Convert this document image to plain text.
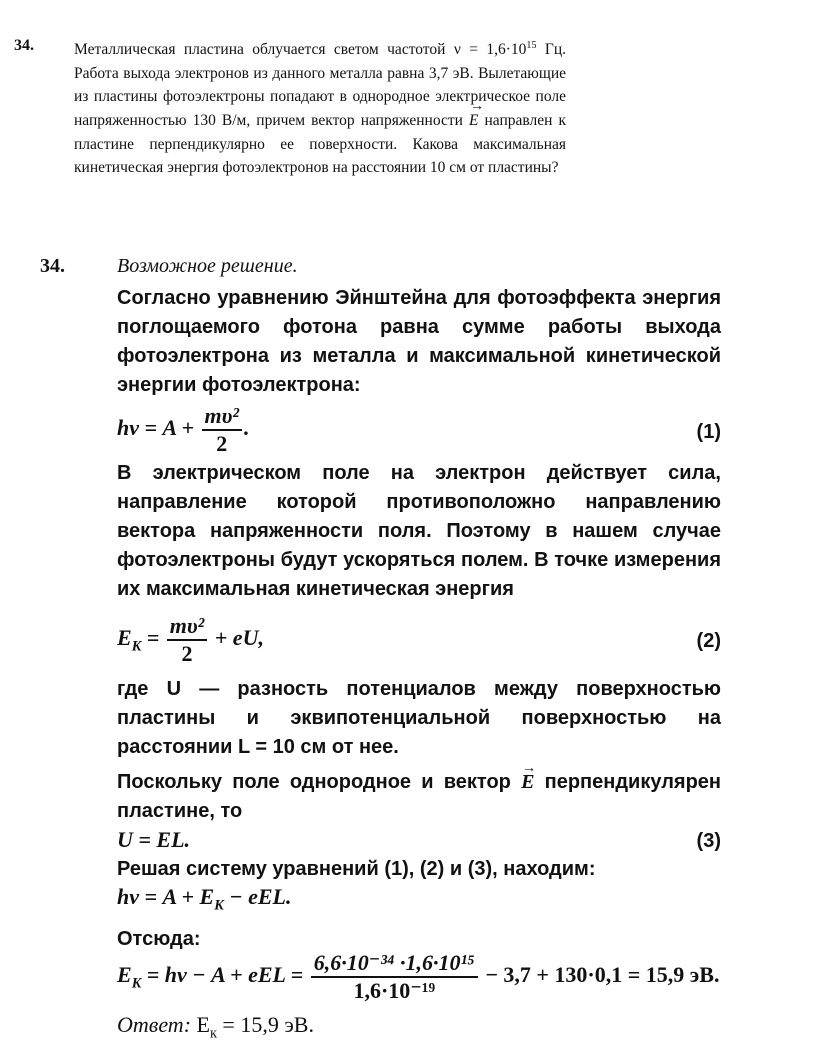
34.	Металлическая пластина облучается светом частотой $\nu = 1,6\cdot 10^{15}$ Гц. Работа выхода электронов из данного металла равна 3,7 эВ. Вылетающие из пластины фотоэлектроны попадают в однородное электрическое поле напряженностью 130 В/м, причем вектор напряженности → E направлен к пластине перпендикулярно ее поверхности. Какова максимальная кинетическая энергия фотоэлектронов на расстоянии 10 см от пластины?
34.	Возможное решение.
Согласно уравнению Эйнштейна для фотоэффекта энергия поглощаемого фотона равна сумме работы выхода фотоэлектрона из металла и максимальной кинетической энергии фотоэлектрона:
$h\nu = A + \frac{\text{mυ²}}{2}$ .	(1)
В электрическом поле на электрон действует сила, направление которой противоположно направлению вектора напряженности поля. Поэтому в нашем случае фотоэлектроны будут ускоряться полем. В точке измерения их максимальная кинетическая энергия
$E_K = \frac{\text{mυ²}}{2}$ + eU,	(2)
где U — разность потенциалов между поверхностью пластины и эквипотенциальной поверхностью на расстоянии L = 10 см от нее.
Поскольку поле однородное и вектор → E перпендикулярен пластине, то
U = EL.	(3)
Решая систему уравнений (1), (2) и (3), находим:
$h\nu = A + E_K$ − eEL.
Отсюда:
$E_K = h\nu - A$ + eEL = $\frac{\text{6,6·10⁻³⁴ ·1,6·10¹⁵}}{\text{1,6·10⁻¹⁹}} - 3,7 + 130\cdot 0,1 = 15,9$ эВ.
Ответ: $E_к = 15,9$ эВ.
